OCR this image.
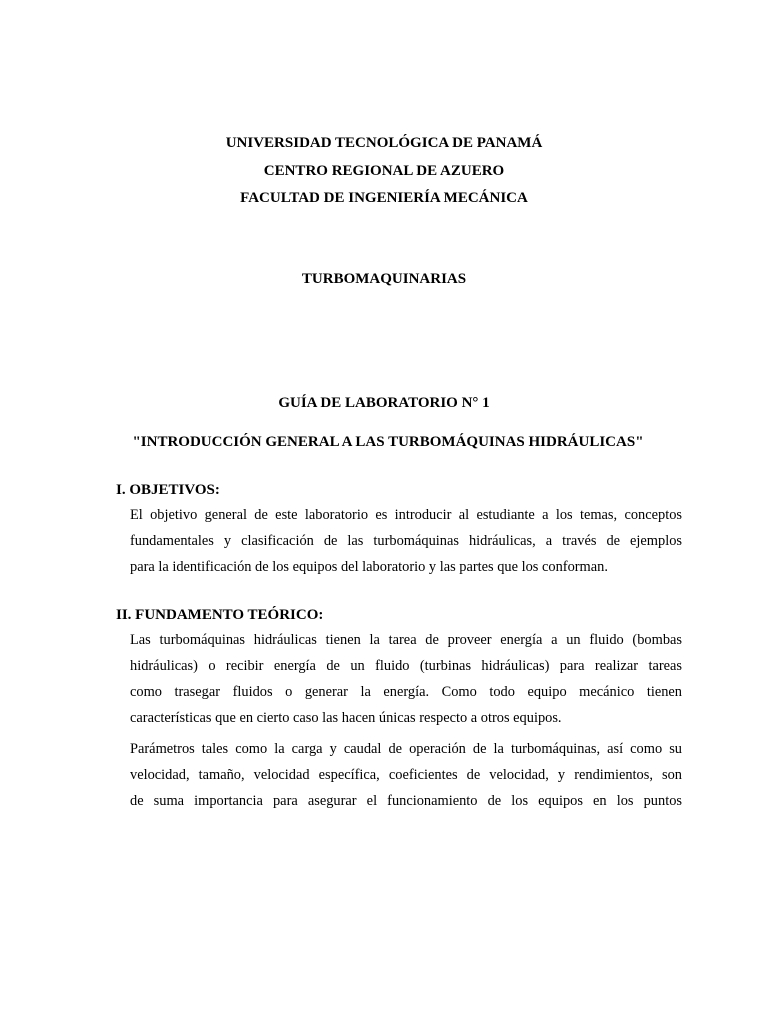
UNIVERSIDAD TECNOLÓGICA DE PANAMÁ
CENTRO REGIONAL DE AZUERO
FACULTAD DE INGENIERÍA MECÁNICA
TURBOMAQUINARIAS
GUÍA DE LABORATORIO N° 1
"INTRODUCCIÓN GENERAL A LAS TURBOMÁQUINAS HIDRÁULICAS"
I. OBJETIVOS:
El objetivo general de este laboratorio es introducir al estudiante a los temas, conceptos
fundamentales y clasificación de las turbomáquinas hidráulicas, a través de ejemplos
para la identificación de los equipos del laboratorio y las partes que los conforman.
II. FUNDAMENTO TEÓRICO:
Las turbomáquinas hidráulicas tienen la tarea de proveer energía a un fluido (bombas
hidráulicas) o recibir energía de un fluido (turbinas hidráulicas) para realizar tareas
como trasegar fluidos o generar la energía. Como todo equipo mecánico tienen
características que en cierto caso las hacen únicas respecto a otros equipos.
Parámetros tales como la carga y caudal de operación de la turbomáquinas, así como su
velocidad, tamaño, velocidad específica, coeficientes de velocidad, y rendimientos, son
de suma importancia para asegurar el funcionamiento de los equipos en los puntos
